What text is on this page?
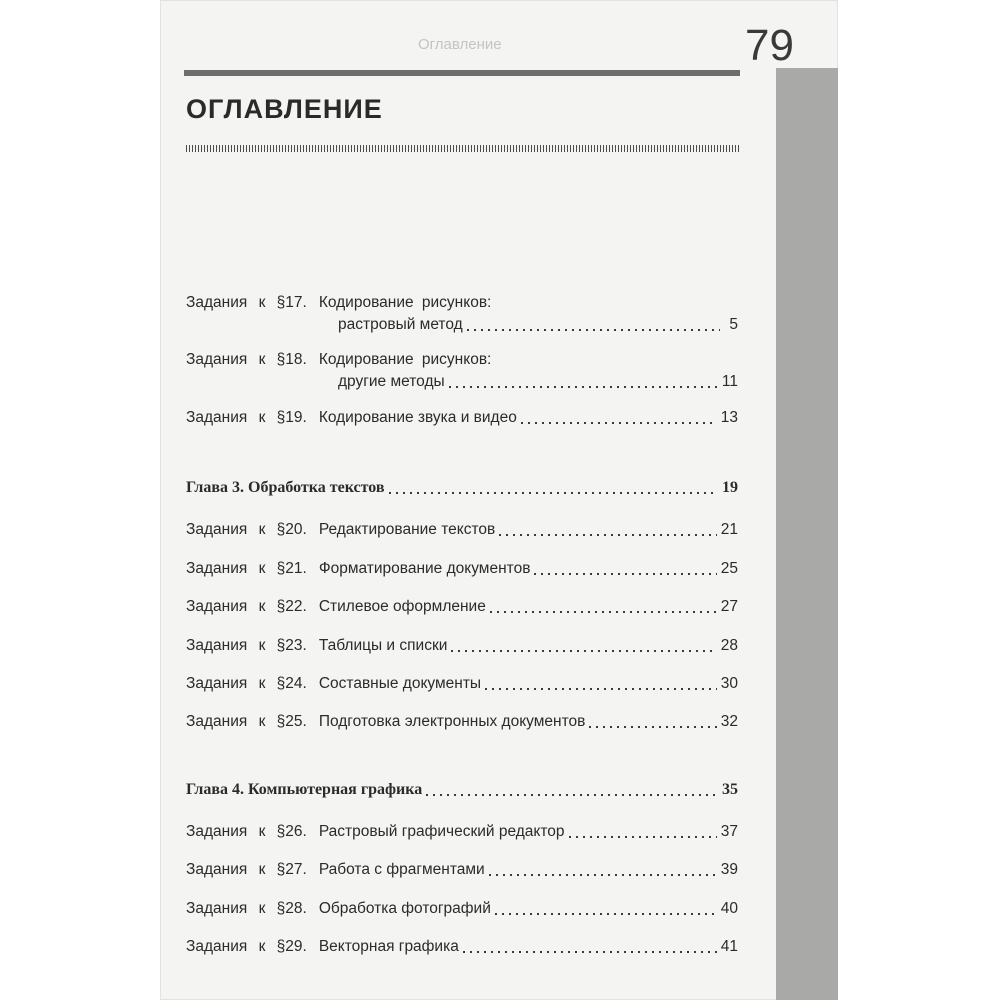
79
Оглавление
ОГЛАВЛЕНИЕ
Задания к §17. Кодирование рисунков:
растровый метод	5
Задания к §18. Кодирование рисунков:
другие методы	11
Задания к §19. Кодирование звука и видео	13
Глава 3. Обработка текстов	19
Задания к §20. Редактирование текстов	21
Задания к §21. Форматирование документов	25
Задания к §22. Стилевое оформление	27
Задания к §23. Таблицы и списки	28
Задания к §24. Составные документы	30
Задания к §25. Подготовка электронных документов	32
Глава 4. Компьютерная графика	35
Задания к §26. Растровый графический редактор	37
Задания к §27. Работа с фрагментами	39
Задания к §28. Обработка фотографий	40
Задания к §29. Векторная графика	41
